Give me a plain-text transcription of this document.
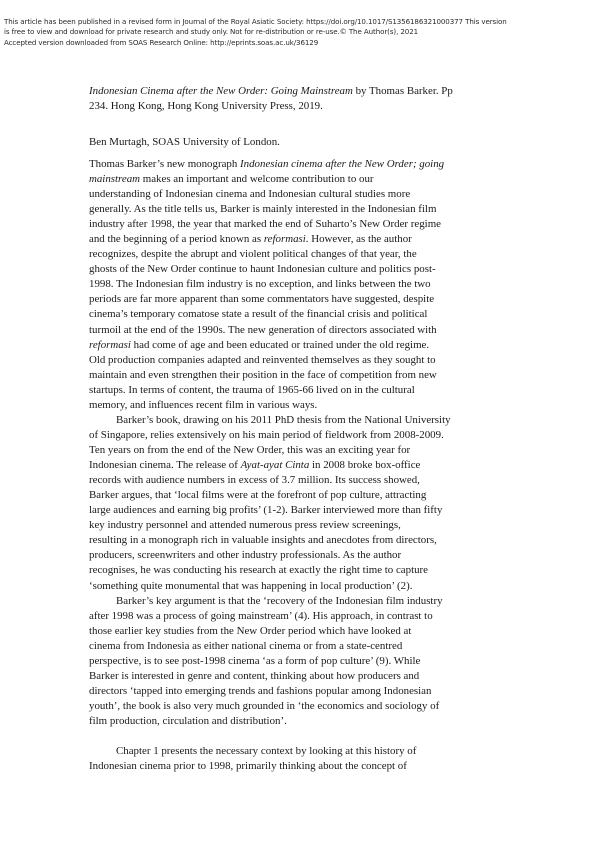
This article has been published in a revised form in Journal of the Royal Asiatic Society: https://doi.org/10.1017/S1356186321000377 This version
is free to view and download for private research and study only. Not for re-distribution or re-use.© The Author(s), 2021
Accepted version downloaded from SOAS Research Online: http://eprints.soas.ac.uk/36129
Indonesian Cinema after the New Order: Going Mainstream by Thomas Barker. Pp
234. Hong Kong, Hong Kong University Press, 2019.
Ben Murtagh, SOAS University of London.
Thomas Barker’s new monograph Indonesian cinema after the New Order; going
mainstream makes an important and welcome contribution to our
understanding of Indonesian cinema and Indonesian cultural studies more
generally. As the title tells us, Barker is mainly interested in the Indonesian film
industry after 1998, the year that marked the end of Suharto’s New Order regime
and the beginning of a period known as reformasi. However, as the author
recognizes, despite the abrupt and violent political changes of that year, the
ghosts of the New Order continue to haunt Indonesian culture and politics post-
1998. The Indonesian film industry is no exception, and links between the two
periods are far more apparent than some commentators have suggested, despite
cinema’s temporary comatose state a result of the financial crisis and political
turmoil at the end of the 1990s. The new generation of directors associated with
reformasi had come of age and been educated or trained under the old regime.
Old production companies adapted and reinvented themselves as they sought to
maintain and even strengthen their position in the face of competition from new
startups. In terms of content, the trauma of 1965-66 lived on in the cultural
memory, and influences recent film in various ways.
Barker’s book, drawing on his 2011 PhD thesis from the National University
of Singapore, relies extensively on his main period of fieldwork from 2008-2009.
Ten years on from the end of the New Order, this was an exciting year for
Indonesian cinema. The release of Ayat-ayat Cinta in 2008 broke box-office
records with audience numbers in excess of 3.7 million. Its success showed,
Barker argues, that ‘local films were at the forefront of pop culture, attracting
large audiences and earning big profits’ (1-2). Barker interviewed more than fifty
key industry personnel and attended numerous press review screenings,
resulting in a monograph rich in valuable insights and anecdotes from directors,
producers, screenwriters and other industry professionals. As the author
recognises, he was conducting his research at exactly the right time to capture
‘something quite monumental that was happening in local production’ (2).
Barker’s key argument is that the ‘recovery of the Indonesian film industry
after 1998 was a process of going mainstream’ (4). His approach, in contrast to
those earlier key studies from the New Order period which have looked at
cinema from Indonesia as either national cinema or from a state-centred
perspective, is to see post-1998 cinema ‘as a form of pop culture’ (9). While
Barker is interested in genre and content, thinking about how producers and
directors ‘tapped into emerging trends and fashions popular among Indonesian
youth’, the book is also very much grounded in ‘the economics and sociology of
film production, circulation and distribution’.
Chapter 1 presents the necessary context by looking at this history of
Indonesian cinema prior to 1998, primarily thinking about the concept of
